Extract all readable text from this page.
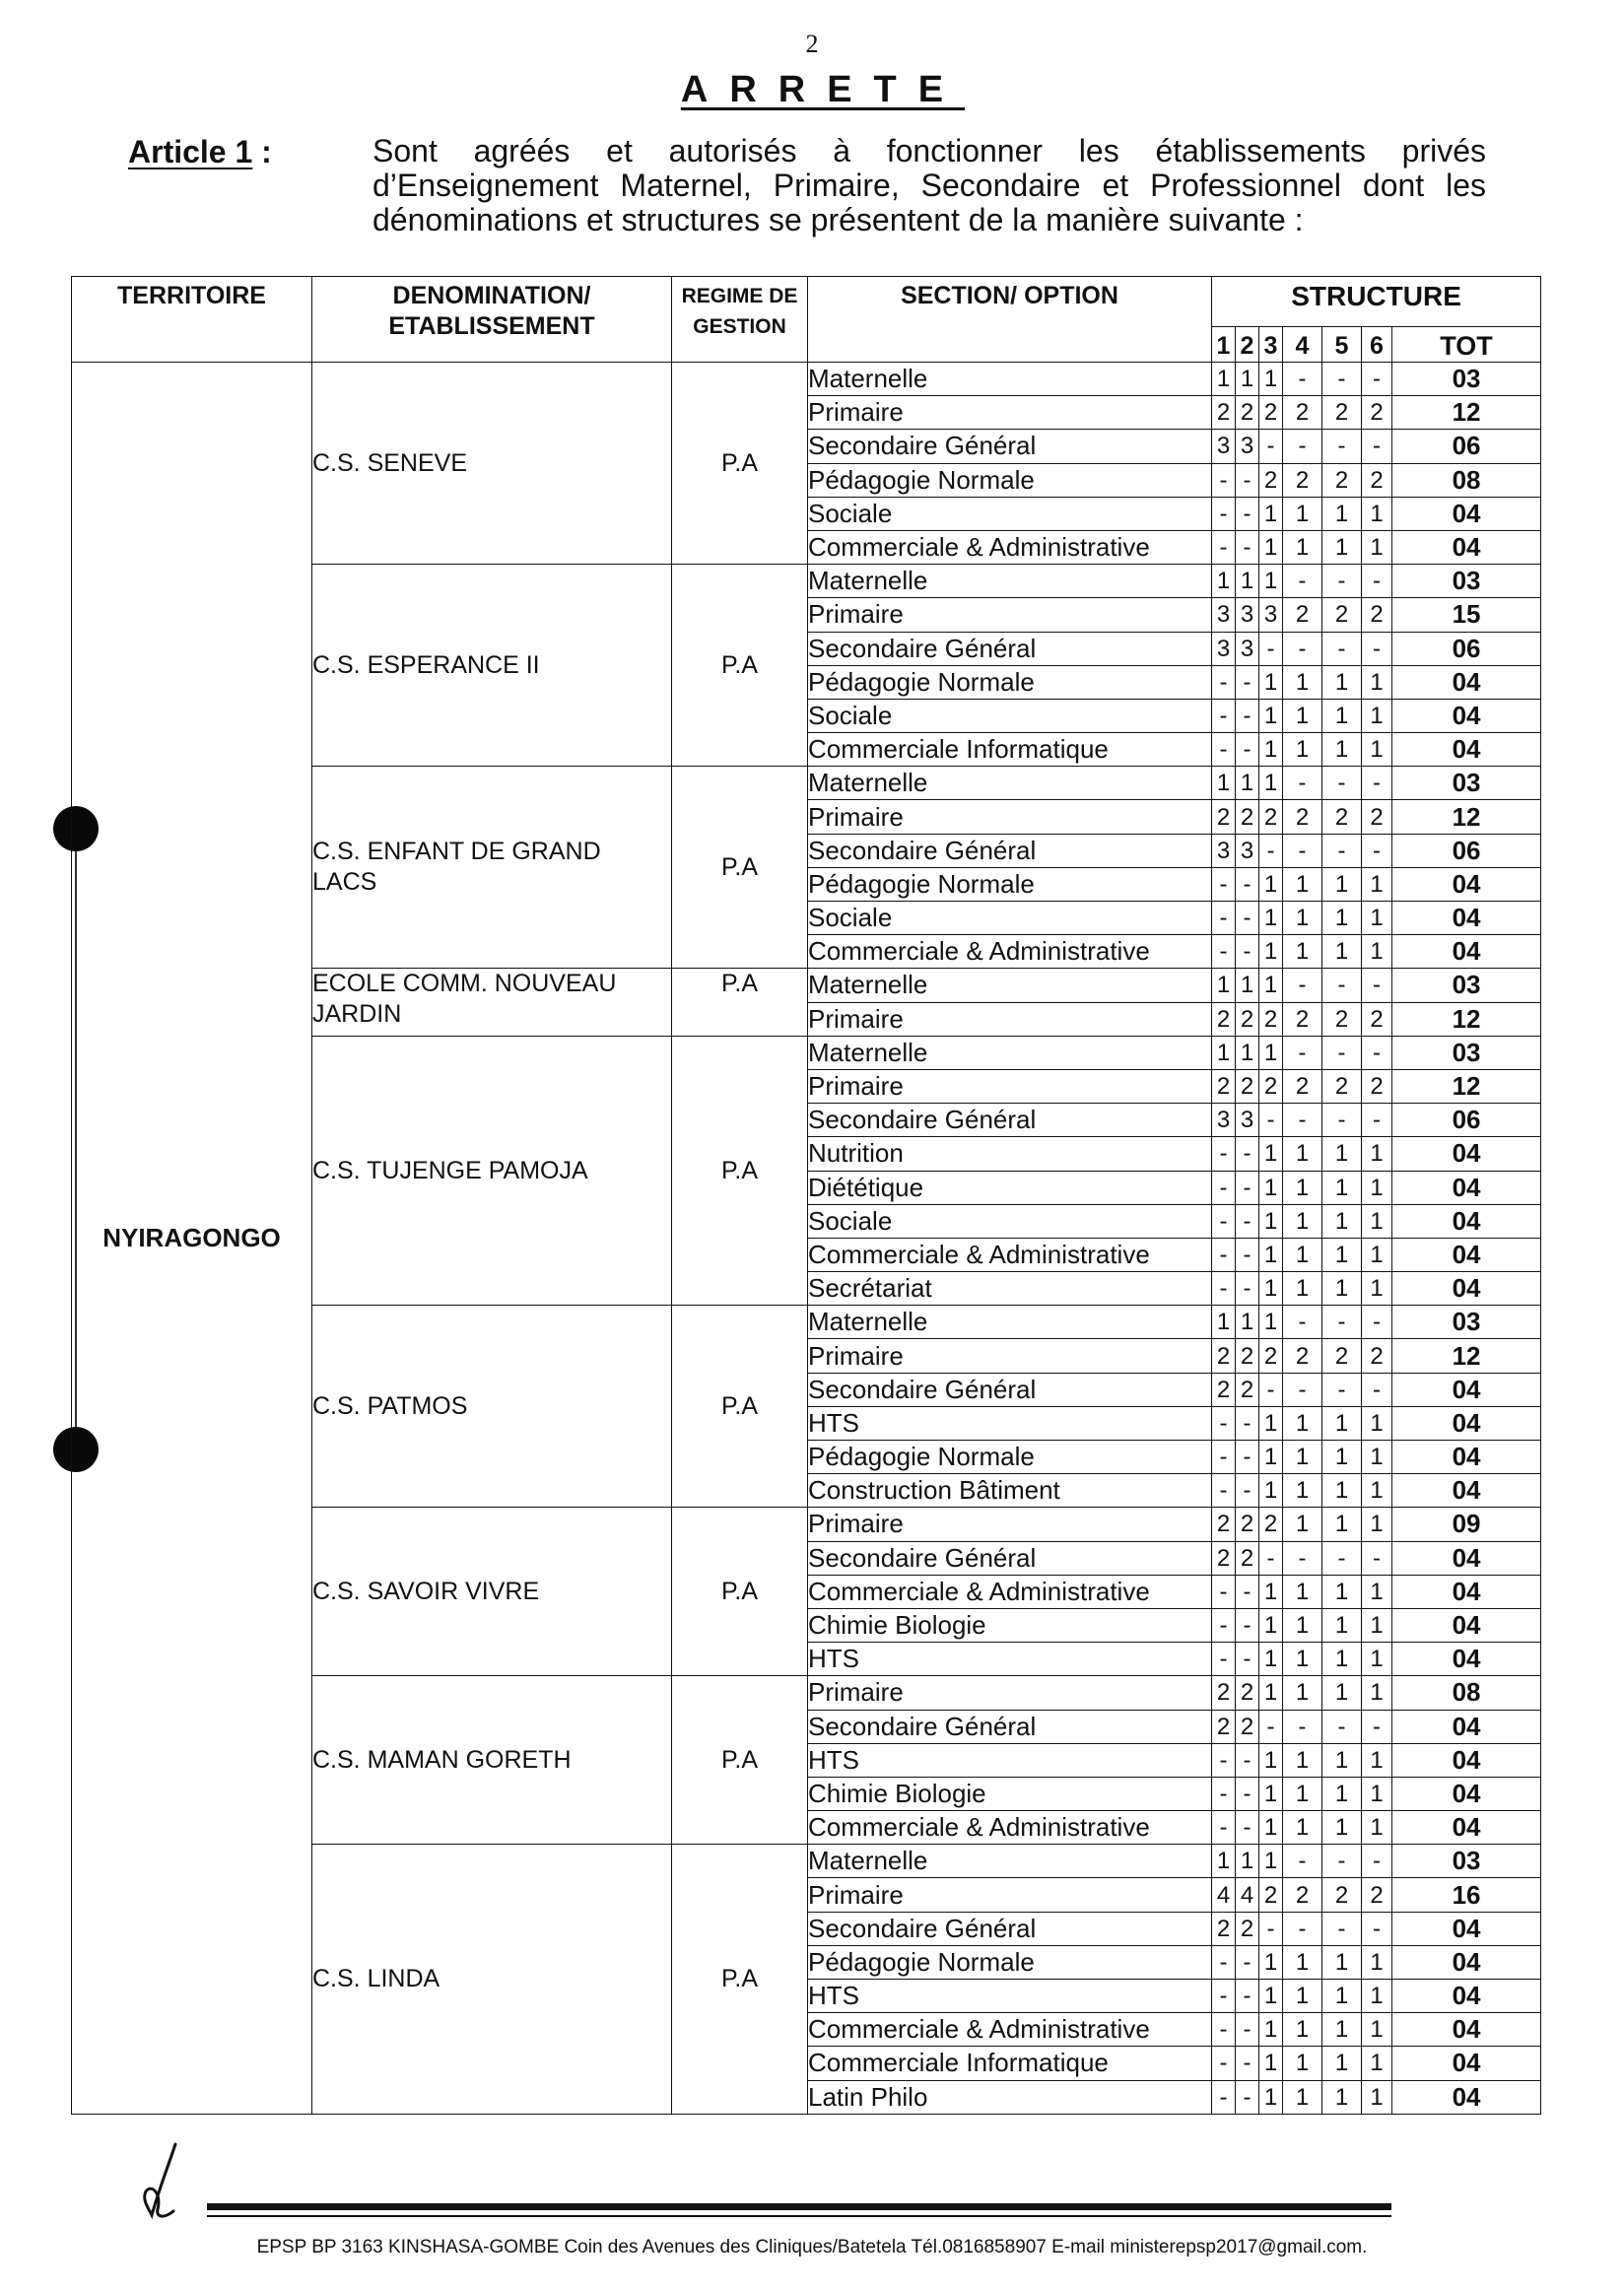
2
ARRETE
Article 1 :	Sont agréés et autorisés à fonctionner les établissements privés d’Enseignement Maternel, Primaire, Secondaire et Professionnel dont les dénominations et structures se présentent de la manière suivante :
TERRITOIRE	DENOMINATION/ ETABLISSEMENT	REGIME DE GESTION	SECTION/ OPTION	STRUCTURE						
				1	2	3	4	5	6	TOT
NYIRAGONGO	C.S. SENEVE	P.A	Maternelle	1	1	1	-	-	-	03
			Primaire	2	2	2	2	2	2	12
			Secondaire Général	3	3	-	-	-	-	06
			Pédagogie Normale	-	-	2	2	2	2	08
			Sociale	-	-	1	1	1	1	04
			Commerciale & Administrative	-	-	1	1	1	1	04
	C.S. ESPERANCE II	P.A	Maternelle	1	1	1	-	-	-	03
			Primaire	3	3	3	2	2	2	15
			Secondaire Général	3	3	-	-	-	-	06
			Pédagogie Normale	-	-	1	1	1	1	04
			Sociale	-	-	1	1	1	1	04
			Commerciale Informatique	-	-	1	1	1	1	04
	C.S. ENFANT DE GRAND LACS	P.A	Maternelle	1	1	1	-	-	-	03
			Primaire	2	2	2	2	2	2	12
			Secondaire Général	3	3	-	-	-	-	06
			Pédagogie Normale	-	-	1	1	1	1	04
			Sociale	-	-	1	1	1	1	04
			Commerciale & Administrative	-	-	1	1	1	1	04
	ECOLE COMM. NOUVEAU JARDIN	P.A	Maternelle	1	1	1	-	-	-	03
			Primaire	2	2	2	2	2	2	12
	C.S. TUJENGE PAMOJA	P.A	Maternelle	1	1	1	-	-	-	03
			Primaire	2	2	2	2	2	2	12
			Secondaire Général	3	3	-	-	-	-	06
			Nutrition	-	-	1	1	1	1	04
			Diététique	-	-	1	1	1	1	04
			Sociale	-	-	1	1	1	1	04
			Commerciale & Administrative	-	-	1	1	1	1	04
			Secrétariat	-	-	1	1	1	1	04
	C.S. PATMOS	P.A	Maternelle	1	1	1	-	-	-	03
			Primaire	2	2	2	2	2	2	12
			Secondaire Général	2	2	-	-	-	-	04
			HTS	-	-	1	1	1	1	04
			Pédagogie Normale	-	-	1	1	1	1	04
			Construction Bâtiment	-	-	1	1	1	1	04
	C.S. SAVOIR VIVRE	P.A	Primaire	2	2	2	1	1	1	09
			Secondaire Général	2	2	-	-	-	-	04
			Commerciale & Administrative	-	-	1	1	1	1	04
			Chimie Biologie	-	-	1	1	1	1	04
			HTS	-	-	1	1	1	1	04
	C.S. MAMAN GORETH	P.A	Primaire	2	2	1	1	1	1	08
			Secondaire Général	2	2	-	-	-	-	04
			HTS	-	-	1	1	1	1	04
			Chimie Biologie	-	-	1	1	1	1	04
			Commerciale & Administrative	-	-	1	1	1	1	04
	C.S. LINDA	P.A	Maternelle	1	1	1	-	-	-	03
			Primaire	4	4	2	2	2	2	16
			Secondaire Général	2	2	-	-	-	-	04
			Pédagogie Normale	-	-	1	1	1	1	04
			HTS	-	-	1	1	1	1	04
			Commerciale & Administrative	-	-	1	1	1	1	04
			Commerciale Informatique	-	-	1	1	1	1	04
			Latin Philo	-	-	1	1	1	1	04
EPSP BP 3163 KINSHASA-GOMBE Coin des Avenues des Cliniques/Batetela Tél.0816858907 E-mail ministerepsp2017@gmail.com.
